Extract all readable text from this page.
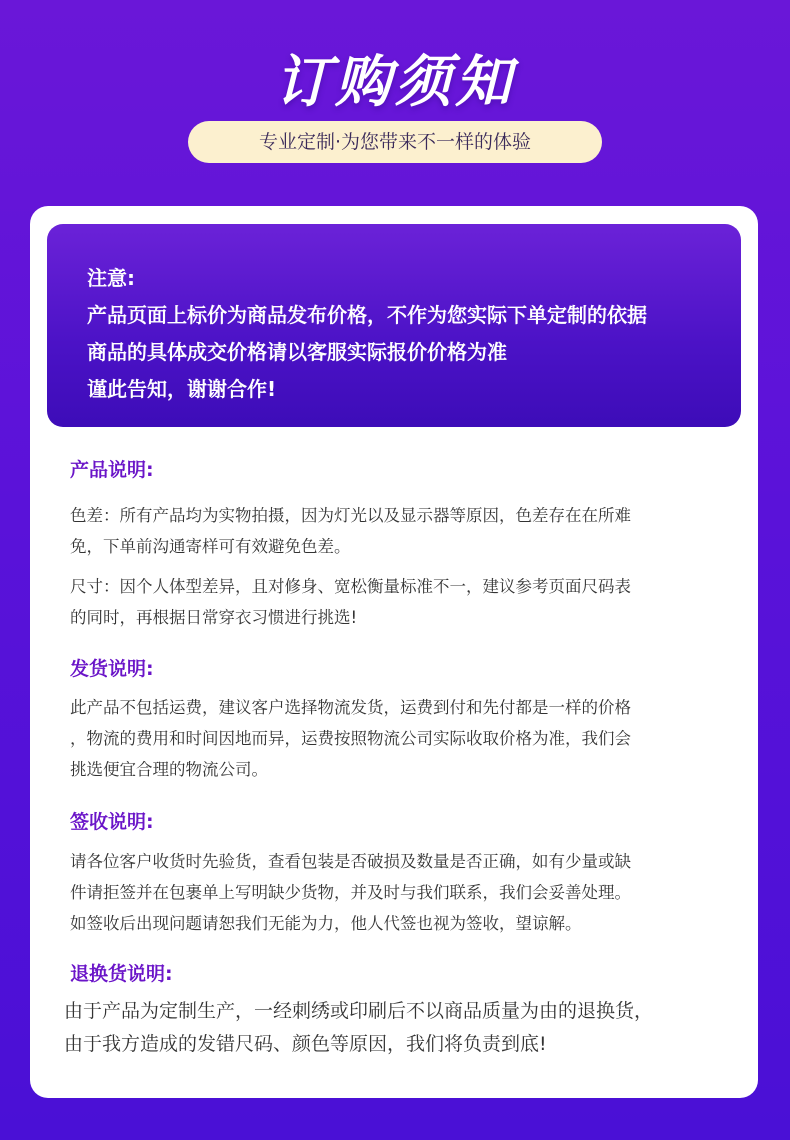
订购须知
专业定制·为您带来不一样的体验
注意:
产品页面上标价为商品发布价格，不作为您实际下单定制的依据
商品的具体成交价格请以客服实际报价价格为准
谨此告知，谢谢合作!
产品说明:
色差：所有产品均为实物拍摄，因为灯光以及显示器等原因，色差存在在所难
免，下单前沟通寄样可有效避免色差。
尺寸：因个人体型差异，且对修身、宽松衡量标准不一，建议参考页面尺码表
的同时，再根据日常穿衣习惯进行挑选!
发货说明:
此产品不包括运费，建议客户选择物流发货，运费到付和先付都是一样的价格
，物流的费用和时间因地而异，运费按照物流公司实际收取价格为准，我们会
挑选便宜合理的物流公司。
签收说明:
请各位客户收货时先验货，查看包装是否破损及数量是否正确，如有少量或缺
件请拒签并在包裹单上写明缺少货物，并及时与我们联系，我们会妥善处理。
如签收后出现问题请恕我们无能为力，他人代签也视为签收，望谅解。
退换货说明:
由于产品为定制生产，一经刺绣或印刷后不以商品质量为由的退换货，
由于我方造成的发错尺码、颜色等原因，我们将负责到底!
